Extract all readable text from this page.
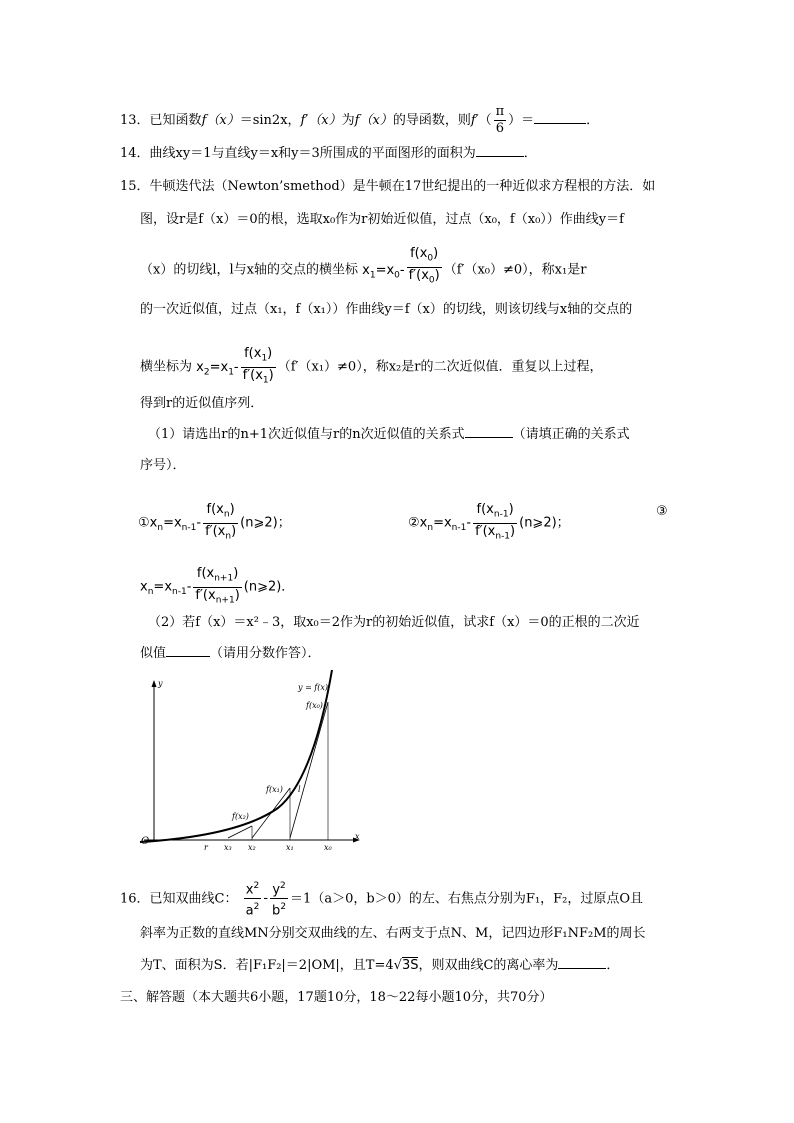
13．已知函数f（x）＝sin2x，f′（x）为f（x）的导函数，则$f'( \frac{\pi}{6}$ ）＝	．
14．曲线xy＝1与直线y＝x和y＝3所围成的平面图形的面积为	．
15．牛顿迭代法（Newton’smethod）是牛顿在17世纪提出的一种近似求方程根的方法．如
图，设r是f（x）＝0的根，选取x₀作为r初始近似值，过点（x₀，f（x₀））作曲线y＝f
（x）的切线l，l与x轴的交点的横坐标 $x_1=x_0- \frac{f(x_0)}{f'(x_0)} (f'(x_0)\ne 0)$，称x₁是r
的一次近似值，过点（x₁，f（x₁））作曲线y＝f（x）的切线，则该切线与x轴的交点的
横坐标为 $x_2=x_1- \frac{f(x_1)}{f'(x_1)} (f'(x_1)\ne 0)$，称x₂是r的二次近似值．重复以上过程，
得到r的近似值序列．
（1）请选出r的n+1次近似值与r的n次近似值的关系式	（请填正确的关系式
序号）．
$①x_n=x_{n-1}- \frac{f(x_n)}{f'(x_n)}$ (n⩾2)；	$②x_n=x_{n-1}- \frac{f(x_{n-1})}{f'(x_{n-1})}$ (n⩾2)；
③
$x_n=x_{n-1}- \frac{f(x_{n+1})}{f'(x_{n+1})}$ (n⩾2)．
（2）若f（x）＝x²﹣3，取x₀＝2作为r的初始近似值，试求f（x）＝0的正根的二次近
似值	（请用分数作答）．
y
x
O
y = f(x)
f(x₀)
f(x₁)
f(x₂)
l
r x₃ x₂	x₁	x₀
16．已知双曲线C： $\frac{x^2}{a^2} - \frac{y^2}{b^2} =1(a>0$，b＞0）的左、右焦点分别为F₁，F₂，过原点O且
斜率为正数的直线MN分别交双曲线的左、右两支于点N、M，记四边形F₁NF₂M的周长
为T、面积为S．若|F₁F₂|＝2|OM|，且T=4√3S，则双曲线C的离心率为	．
三、解答题（本大题共6小题，17题10分，18～22每小题10分，共70分）
